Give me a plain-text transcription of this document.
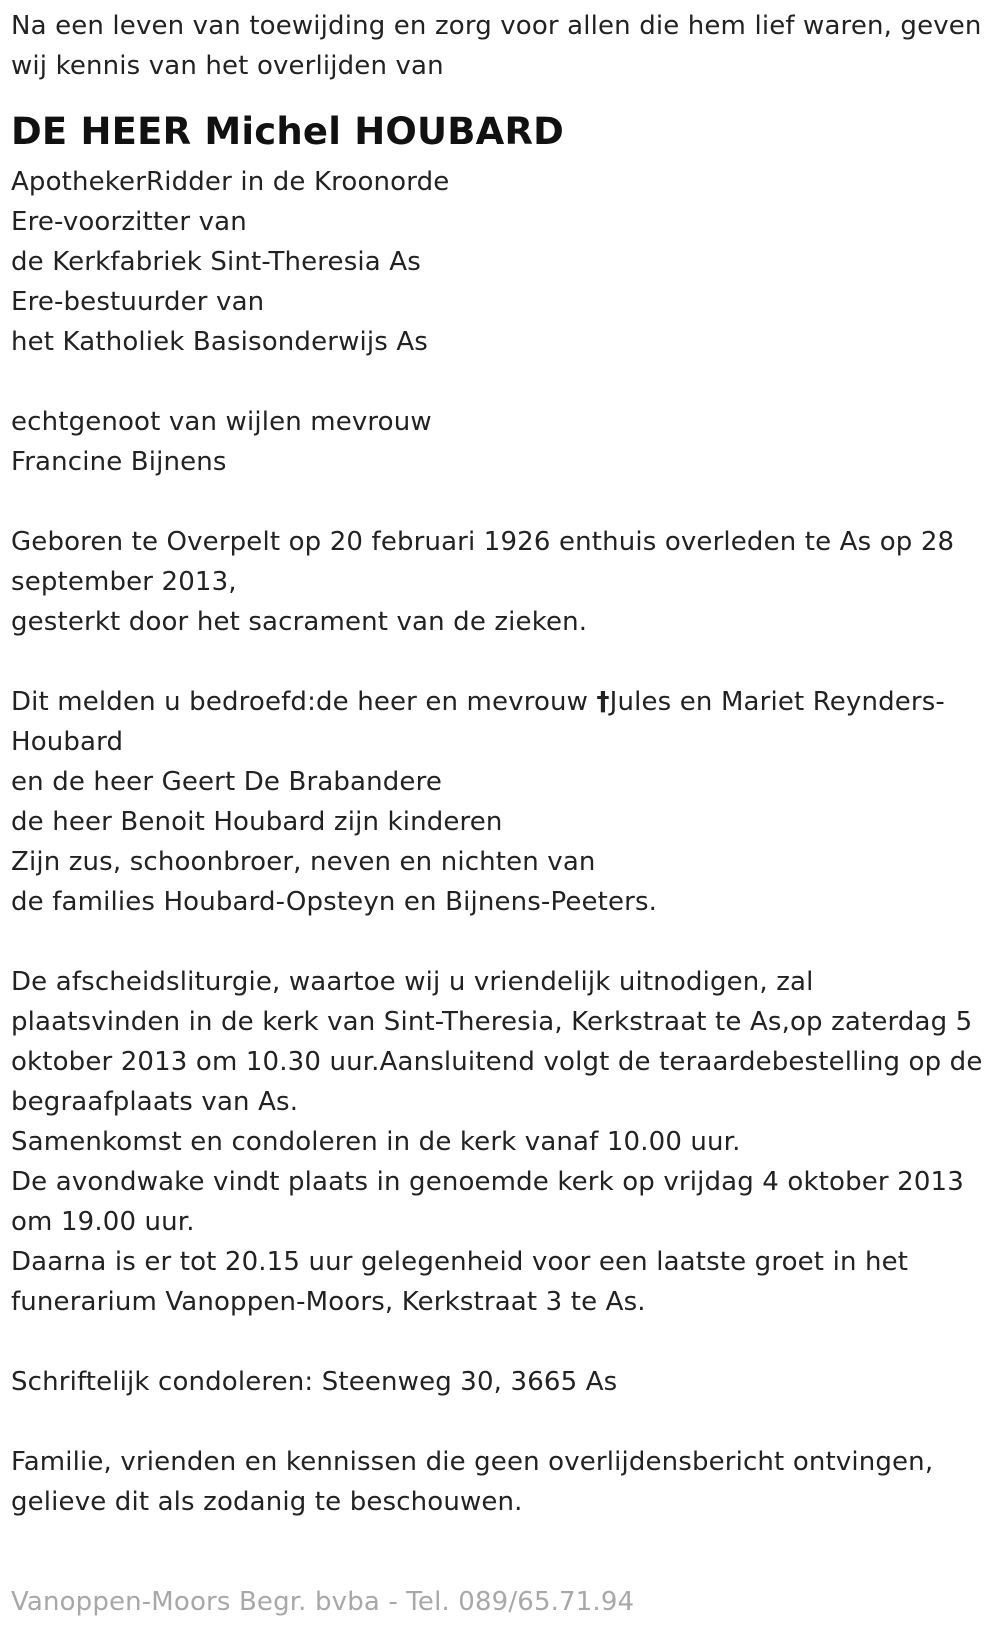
Na een leven van toewijding en zorg voor allen die hem lief waren, geven wij kennis van het overlijden van

DE HEER Michel HOUBARD
ApothekerRidder in de Kroonorde
Ere-voorzitter van
de Kerkfabriek Sint-Theresia As
Ere-bestuurder van
het Katholiek Basisonderwijs As
echtgenoot van wijlen mevrouw
Francine Bijnens
Geboren te Overpelt op 20 februari 1926 enthuis overleden te As op 28 september 2013,
gesterkt door het sacrament van de zieken.
Dit melden u bedroefd:de heer en mevrouw †Jules en Mariet Reynders-Houbard
en de heer Geert De Brabandere
de heer Benoit Houbard zijn kinderen
Zijn zus, schoonbroer, neven en nichten van
de families Houbard-Opsteyn en Bijnens-Peeters.
De afscheidsliturgie, waartoe wij u vriendelijk uitnodigen, zal plaatsvinden in de kerk van Sint-Theresia, Kerkstraat te As,op zaterdag 5 oktober 2013 om 10.30 uur.Aansluitend volgt de teraardebestelling op de begraafplaats van As.
Samenkomst en condoleren in de kerk vanaf 10.00 uur.
De avondwake vindt plaats in genoemde kerk op vrijdag 4 oktober 2013 om 19.00 uur.
Daarna is er tot 20.15 uur gelegenheid voor een laatste groet in het funerarium Vanoppen-Moors, Kerkstraat 3 te As.

Schriftelijk condoleren: Steenweg 30, 3665 As

Familie, vrienden en kennissen die geen overlijdensbericht ontvingen, gelieve dit als zodanig te beschouwen.

Vanoppen-Moors Begr. bvba - Tel. 089/65.71.94
